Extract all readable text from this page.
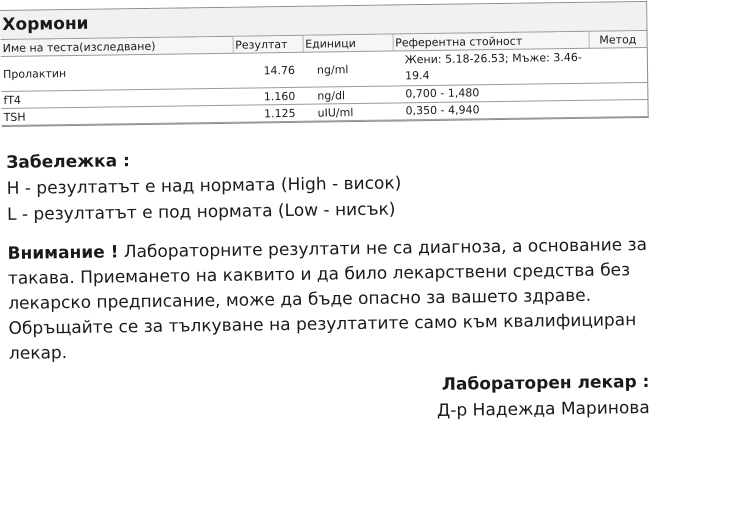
Хормони
Име на теста(изследване)	Резултат	Единици	Референтна стойност	Метод
Пролактин	14.76	ng/ml	Жени: 5.18-26.53; Мъже: 3.46-19.4	
fT4	1.160	ng/dl	0,700 - 1,480	
TSH	1.125	uIU/ml	0,350 - 4,940	
Забележка :
H - резултатът е над нормата (High - висок)
L - резултатът е под нормата (Low - нисък)
Внимание ! Лабораторните резултати не са диагноза, а основание за такава. Приемането на каквито и да било лекарствени средства без лекарско предписание, може да бъде опасно за вашето здраве. Обръщайте се за тълкуване на резултатите само към квалифициран лекар.
Лабораторен лекар :
Д-р Надежда Маринова
